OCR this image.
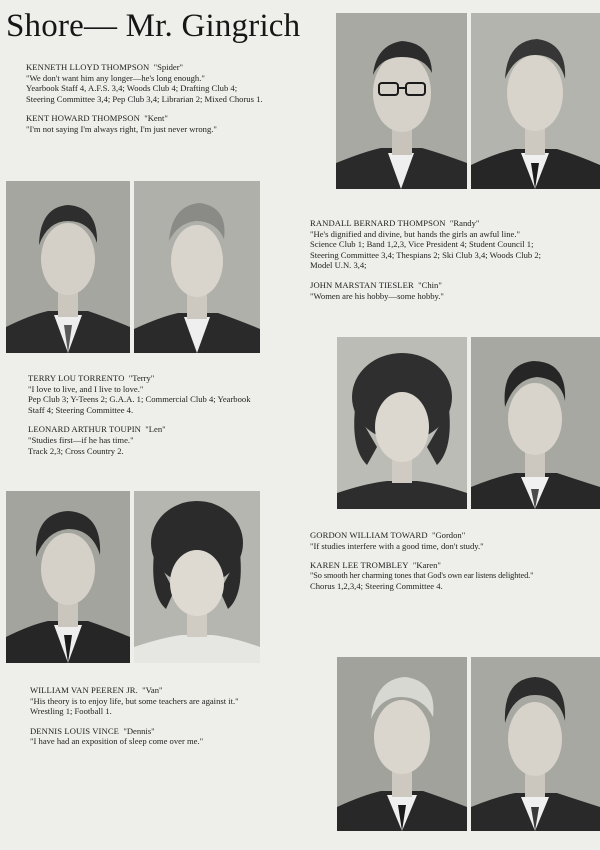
Shore— Mr. Gingrich

KENNETH LLOYD THOMPSON "Spider"

"We don't want him any longer—he's long enough."

Yearbook Staff 4, A.F.S. 3,4; Woods Club 4; Drafting Club 4;

Steering Committee 3,4; Pep Club 3,4; Librarian 2; Mixed Chorus 1.

KENT HOWARD THOMPSON "Kent"

"I'm not saying I'm always right, I'm just never wrong."

RANDALL BERNARD THOMPSON "Randy"

"He's dignified and divine, but hands the girls an awful line."

Science Club 1; Band 1,2,3, Vice President 4; Student Council 1;

Steering Committee 3,4; Thespians 2; Ski Club 3,4; Woods Club 2;

Model U.N. 3,4;

JOHN MARSTAN TIESLER "Chin"

"Women are his hobby—some hobby."

TERRY LOU TORRENTO "Terry"

"I love to live, and I live to love."

Pep Club 3; Y-Teens 2; G.A.A. 1; Commercial Club 4; Yearbook

Staff 4; Steering Committee 4.

LEONARD ARTHUR TOUPIN "Len"

"Studies first—if he has time."

Track 2,3; Cross Country 2.

GORDON WILLIAM TOWARD "Gordon"

"If studies interfere with a good time, don't study."

KAREN LEE TROMBLEY "Karen"

"So smooth her charming tones that God's own ear listens delighted."

Chorus 1,2,3,4; Steering Committee 4.

WILLIAM VAN PEEREN JR. "Van"

"His theory is to enjoy life, but some teachers are against it."

Wrestling 1; Football 1.

DENNIS LOUIS VINCE "Dennis"

"I have had an exposition of sleep come over me."
